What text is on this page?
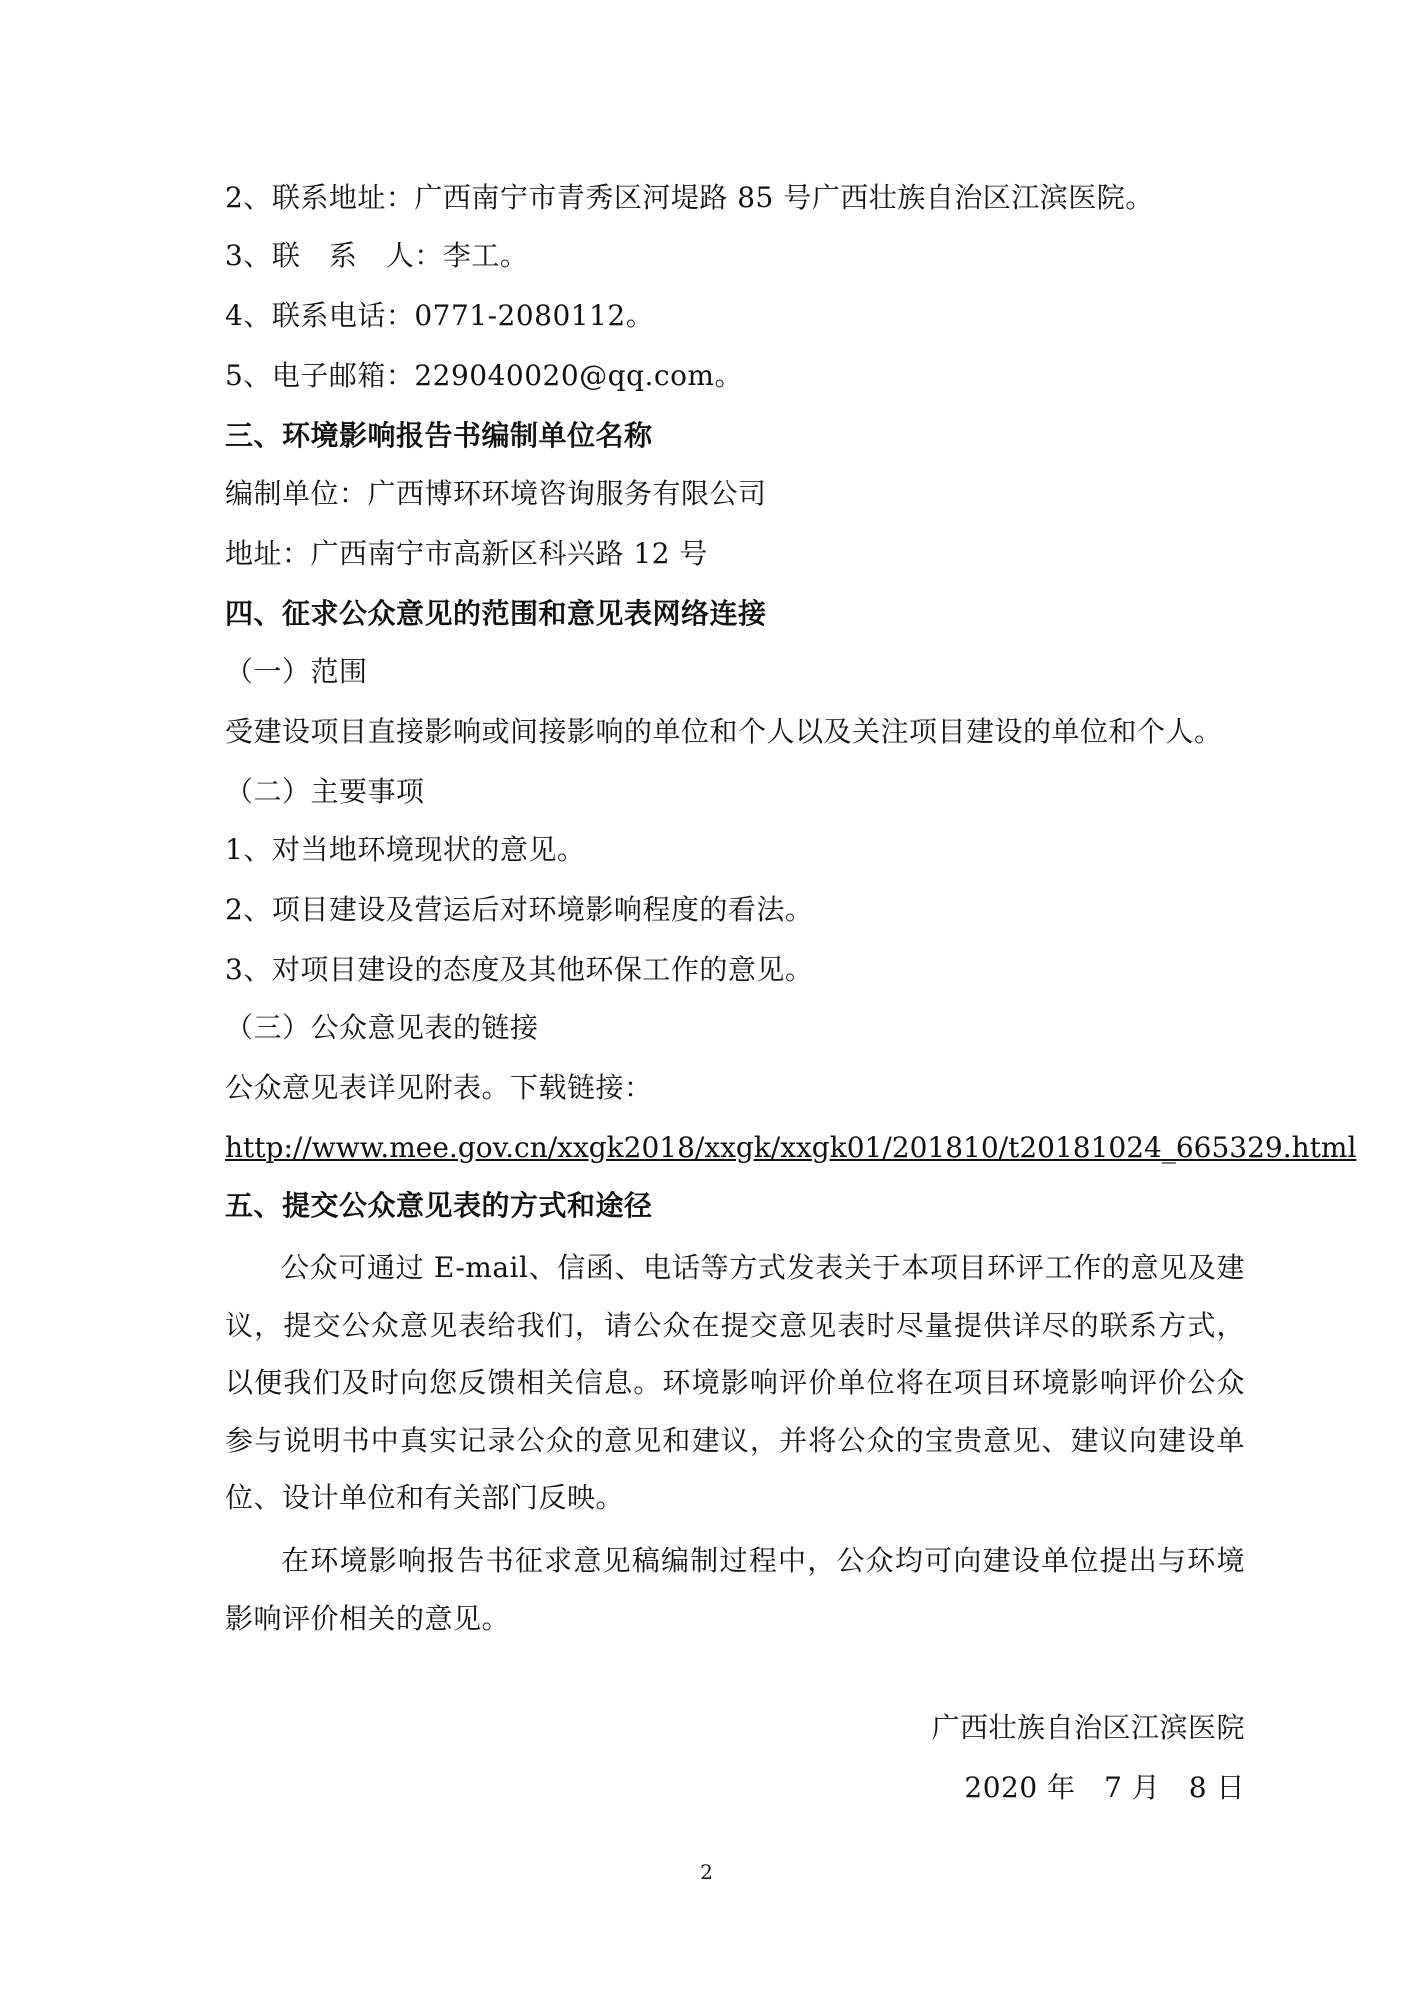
2、联系地址：广西南宁市青秀区河堤路 85 号广西壮族自治区江滨医院。

3、联　系　人：李工。

4、联系电话：0771-2080112。

5、电子邮箱：229040020@qq.com。

三、环境影响报告书编制单位名称

编制单位：广西博环环境咨询服务有限公司

地址：广西南宁市高新区科兴路 12 号

四、征求公众意见的范围和意见表网络连接

（一）范围

受建设项目直接影响或间接影响的单位和个人以及关注项目建设的单位和个人。

（二）主要事项

1、对当地环境现状的意见。

2、项目建设及营运后对环境影响程度的看法。

3、对项目建设的态度及其他环保工作的意见。

（三）公众意见表的链接

公众意见表详见附表。下载链接：

http://www.mee.gov.cn/xxgk2018/xxgk/xxgk01/201810/t20181024_665329.html

五、提交公众意见表的方式和途径

公众可通过 E-mail、信函、电话等方式发表关于本项目环评工作的意见及建议，提交公众意见表给我们，请公众在提交意见表时尽量提供详尽的联系方式，以便我们及时向您反馈相关信息。环境影响评价单位将在项目环境影响评价公众参与说明书中真实记录公众的意见和建议，并将公众的宝贵意见、建议向建设单位、设计单位和有关部门反映。

在环境影响报告书征求意见稿编制过程中，公众均可向建设单位提出与环境影响评价相关的意见。

广西壮族自治区江滨医院

2020 年　7 月　8 日

2
